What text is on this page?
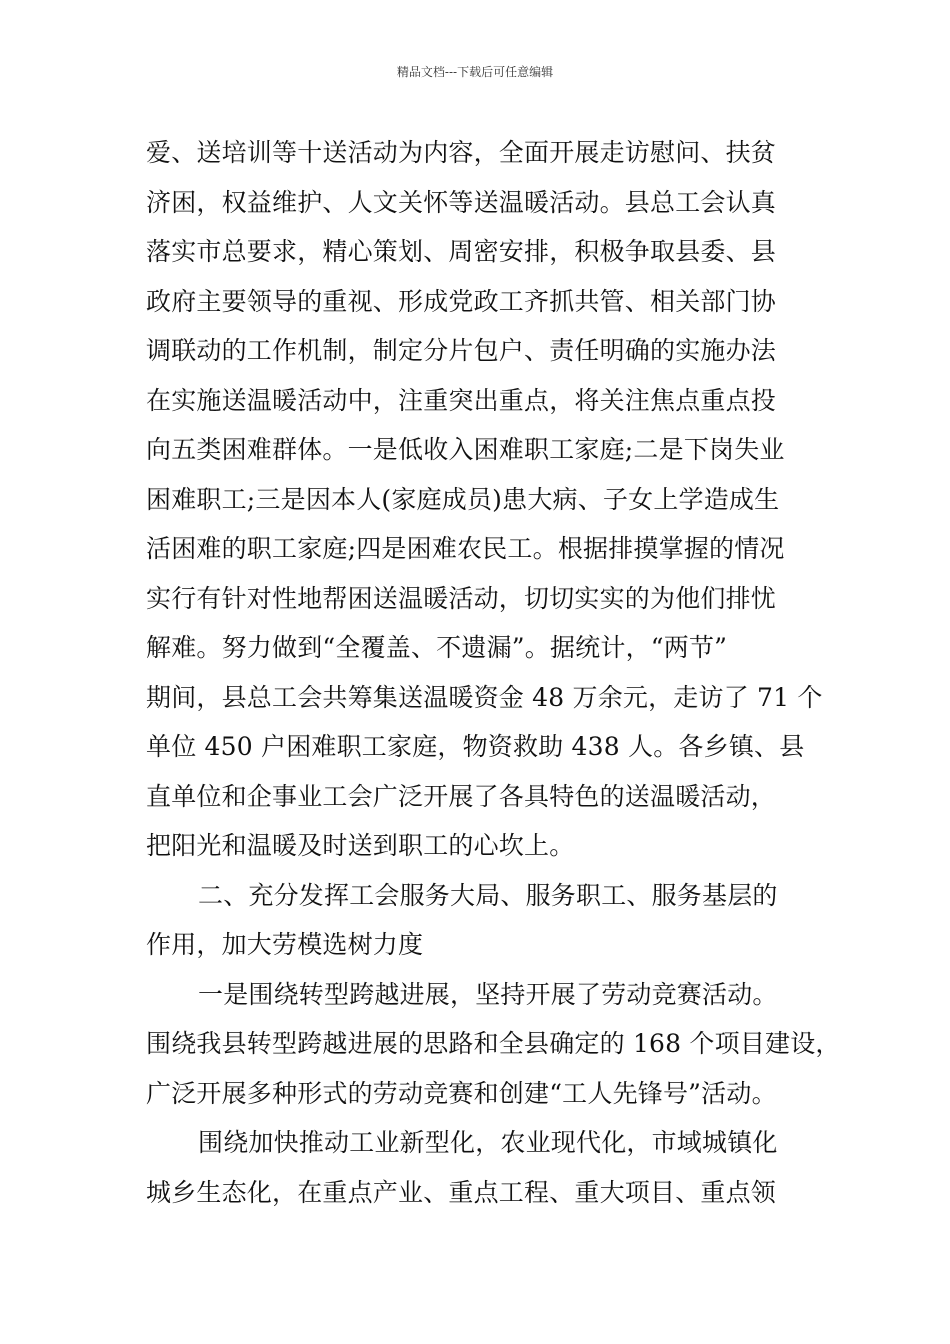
精品文档---下载后可任意编辑
爱、送培训等十送活动为内容，全面开展走访慰问、扶贫
济困，权益维护、人文关怀等送温暖活动。县总工会认真
落实市总要求，精心策划、周密安排，积极争取县委、县
政府主要领导的重视、形成党政工齐抓共管、相关部门协
调联动的工作机制，制定分片包户、责任明确的实施办法
在实施送温暖活动中，注重突出重点，将关注焦点重点投
向五类困难群体。一是低收入困难职工家庭;二是下岗失业
困难职工;三是因本人(家庭成员)患大病、子女上学造成生
活困难的职工家庭;四是困难农民工。根据排摸掌握的情况
实行有针对性地帮困送温暖活动，切切实实的为他们排忧
解难。努力做到“全覆盖、不遗漏”。据统计，“两节”
期间，县总工会共筹集送温暖资金 48 万余元，走访了 71 个
单位 450 户困难职工家庭，物资救助 438 人。各乡镇、县
直单位和企事业工会广泛开展了各具特色的送温暖活动，
把阳光和温暖及时送到职工的心坎上。
二、充分发挥工会服务大局、服务职工、服务基层的
作用，加大劳模选树力度
一是围绕转型跨越进展，坚持开展了劳动竞赛活动。
围绕我县转型跨越进展的思路和全县确定的 168 个项目建设，
广泛开展多种形式的劳动竞赛和创建“工人先锋号”活动。
围绕加快推动工业新型化，农业现代化，市域城镇化
城乡生态化，在重点产业、重点工程、重大项目、重点领
